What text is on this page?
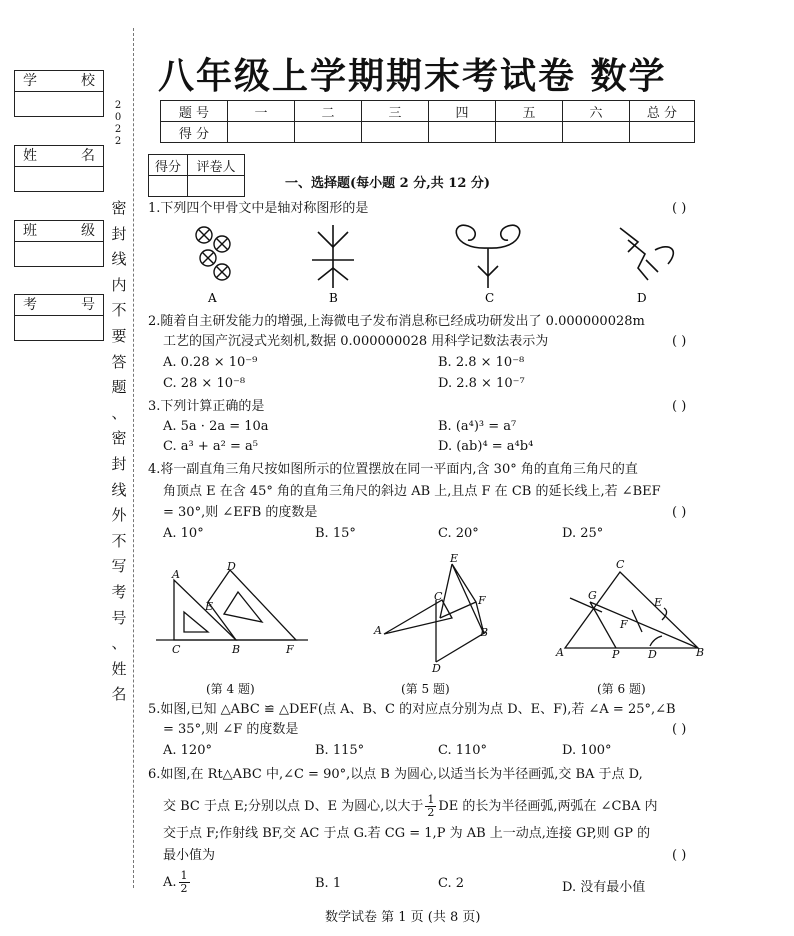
八年级上学期期末考试卷 数学
题 号	一	二	三	四	五	六	总 分
得 分							
学	校
姓	名
班	级
考	号
2
0
2
2
密
封
线
内
不
要
答
题
、
密
封
线
外
不
写
考
号
、
姓
名
得分	评卷人

一、选择题(每小题 2 分,共 12 分)
1.下列四个甲骨文中是轴对称图形的是	( )
A	B	C	D
2.随着自主研发能力的增强,上海微电子发布消息称已经成功研发出了 0.000000028m
工艺的国产沉浸式光刻机,数据 0.000000028 用科学记数法表示为	( )
A. 0.28 × 10⁻⁹	B. 2.8 × 10⁻⁸
C. 28 × 10⁻⁸	D. 2.8 × 10⁻⁷
3.下列计算正确的是	( )
A. 5a · 2a = 10a	B. (a⁴)³ = a⁷
C. a³ + a² = a⁵	D. (ab)⁴ = a⁴b⁴
4.将一副直角三角尺按如图所示的位置摆放在同一平面内,含 30° 角的直角三角尺的直
角顶点 E 在含 45° 角的直角三角尺的斜边 AB 上,且点 F 在 CB 的延长线上,若 ∠BEF
= 30°,则 ∠EFB 的度数是	( )
A. 10°	B. 15°	C. 20°	D. 25°
A
D
E
C	B	F
E
C	F
A	B
D
C
G
E
F
A	P	D	B
(第 4 题)	(第 5 题)	(第 6 题)
5.如图,已知 △ABC ≌ △DEF(点 A、B、C 的对应点分别为点 D、E、F),若 ∠A = 25°,∠B
= 35°,则 ∠F 的度数是	( )
A. 120°	B. 115°	C. 110°	D. 100°
6.如图,在 Rt△ABC 中,∠C = 90°,以点 B 为圆心,以适当长为半径画弧,交 BA 于点 D,
交 BC 于点 E;分别以点 D、E 为圆心,以大于 $\frac{1}{2}$ DE 的长为半径画弧,两弧在 ∠CBA 内
交于点 F;作射线 BF,交 AC 于点 G.若 CG = 1,P 为 AB 上一动点,连接 GP,则 GP 的
最小值为	( )
A. $\frac{1}{2}$	B. 1	C. 2	D. 没有最小值
数学试卷 第 1 页 (共 8 页)
